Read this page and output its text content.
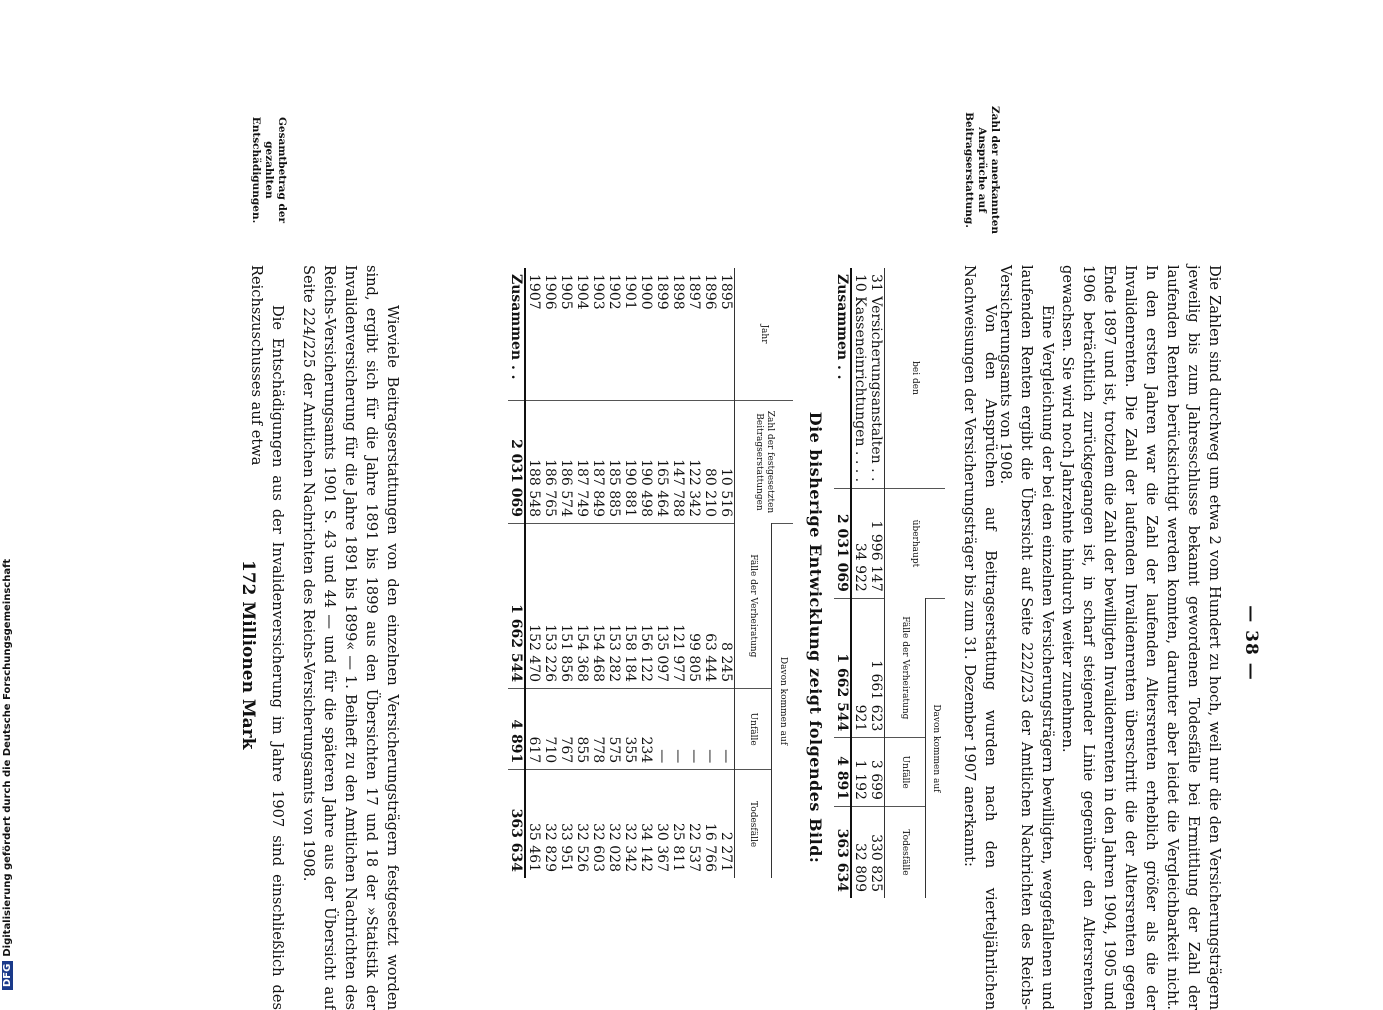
— 38 —
Die Zahlen sind durchweg um etwa 2 vom Hundert zu hoch, weil nur die den Versicherungsträgern jeweilig bis zum Jahresschlusse bekannt gewordenen Todesfälle bei Ermittlung der Zahl der laufenden Renten berücksichtigt werden konnten, darunter aber leidet die Vergleichbarkeit nicht. In den ersten Jahren war die Zahl der laufenden Altersrenten erheblich größer als die der Invalidenrenten. Die Zahl der laufenden Invalidenrenten überschritt die der Altersrenten gegen Ende 1897 und ist, trotzdem die Zahl der bewilligten Invalidenrenten in den Jahren 1904, 1905 und 1906 beträchtlich zurückgegangen ist, in scharf steigender Linie gegenüber den Altersrenten gewachsen. Sie wird noch Jahrzehnte hindurch weiter zunehmen.
Eine Vergleichung der bei den einzelnen Versicherungsträgern bewilligten, weggefallenen und laufenden Renten ergibt die Übersicht auf Seite 222/223 der Amtlichen Nachrichten des Reichs-Versicherungsamts von 1908.
Zahl der anerkannten Ansprüche auf Beitragserstattung.
Von den Ansprüchen auf Beitragserstattung wurden nach den vierteljährlichen Nachweisungen der Versicherungsträger bis zum 31. Dezember 1907 anerkannt:
bei den	überhaupt	Davon kommen auf		
		Fälle der Verheiratung	Unfälle	Todesfälle
31 Versicherungsanstalten . .	1 996 147	1 661 623	3 699	330 825
10 Kasseneinrichtungen . . . .	34 922	921	1 192	32 809
Zusammen . .	2 031 069	1 662 544	4 891	363 634
Die bisherige Entwicklung zeigt folgendes Bild:
Jahr	Zahl der festgesetzten Beitragserstattungen	Davon kommen auf		
		Fälle der Verheiratung	Unfälle	Todesfälle
1895	10 516	8 245	—	2 271
1896	80 210	63 444	—	16 766
1897	122 342	99 805	—	22 537
1898	147 788	121 977	—	25 811
1899	165 464	135 097	—	30 367
1900	190 498	156 122	234	34 142
1901	190 881	158 184	355	32 342
1902	185 885	153 282	575	32 028
1903	187 849	154 468	778	32 603
1904	187 749	154 368	855	32 526
1905	186 574	151 856	767	33 951
1906	186 765	153 226	710	32 829
1907	188 548	152 470	617	35 461
Zusammen . .	2 031 069	1 662 544	4 891	363 634
Wieviele Beitragserstattungen von den einzelnen Versicherungsträgern festgesetzt worden sind, ergibt sich für die Jahre 1891 bis 1899 aus den Übersichten 17 und 18 der »Statistik der Invalidenversicherung für die Jahre 1891 bis 1899« — 1. Beiheft zu den Amtlichen Nachrichten des Reichs-Versicherungsamts 1901 S. 43 und 44 — und für die späteren Jahre aus der Übersicht auf Seite 224/225 der Amtlichen Nachrichten des Reichs-Versicherungsamts von 1908.
Gesamtbetrag der gezahlten Entschädigungen.
Die Entschädigungen aus der Invalidenversicherung im Jahre 1907 sind einschließlich des Reichszuschusses auf etwa
172 Millionen Mark
DFGDigitalisierung gefördert durch die Deutsche Forschungsgemeinschaft
